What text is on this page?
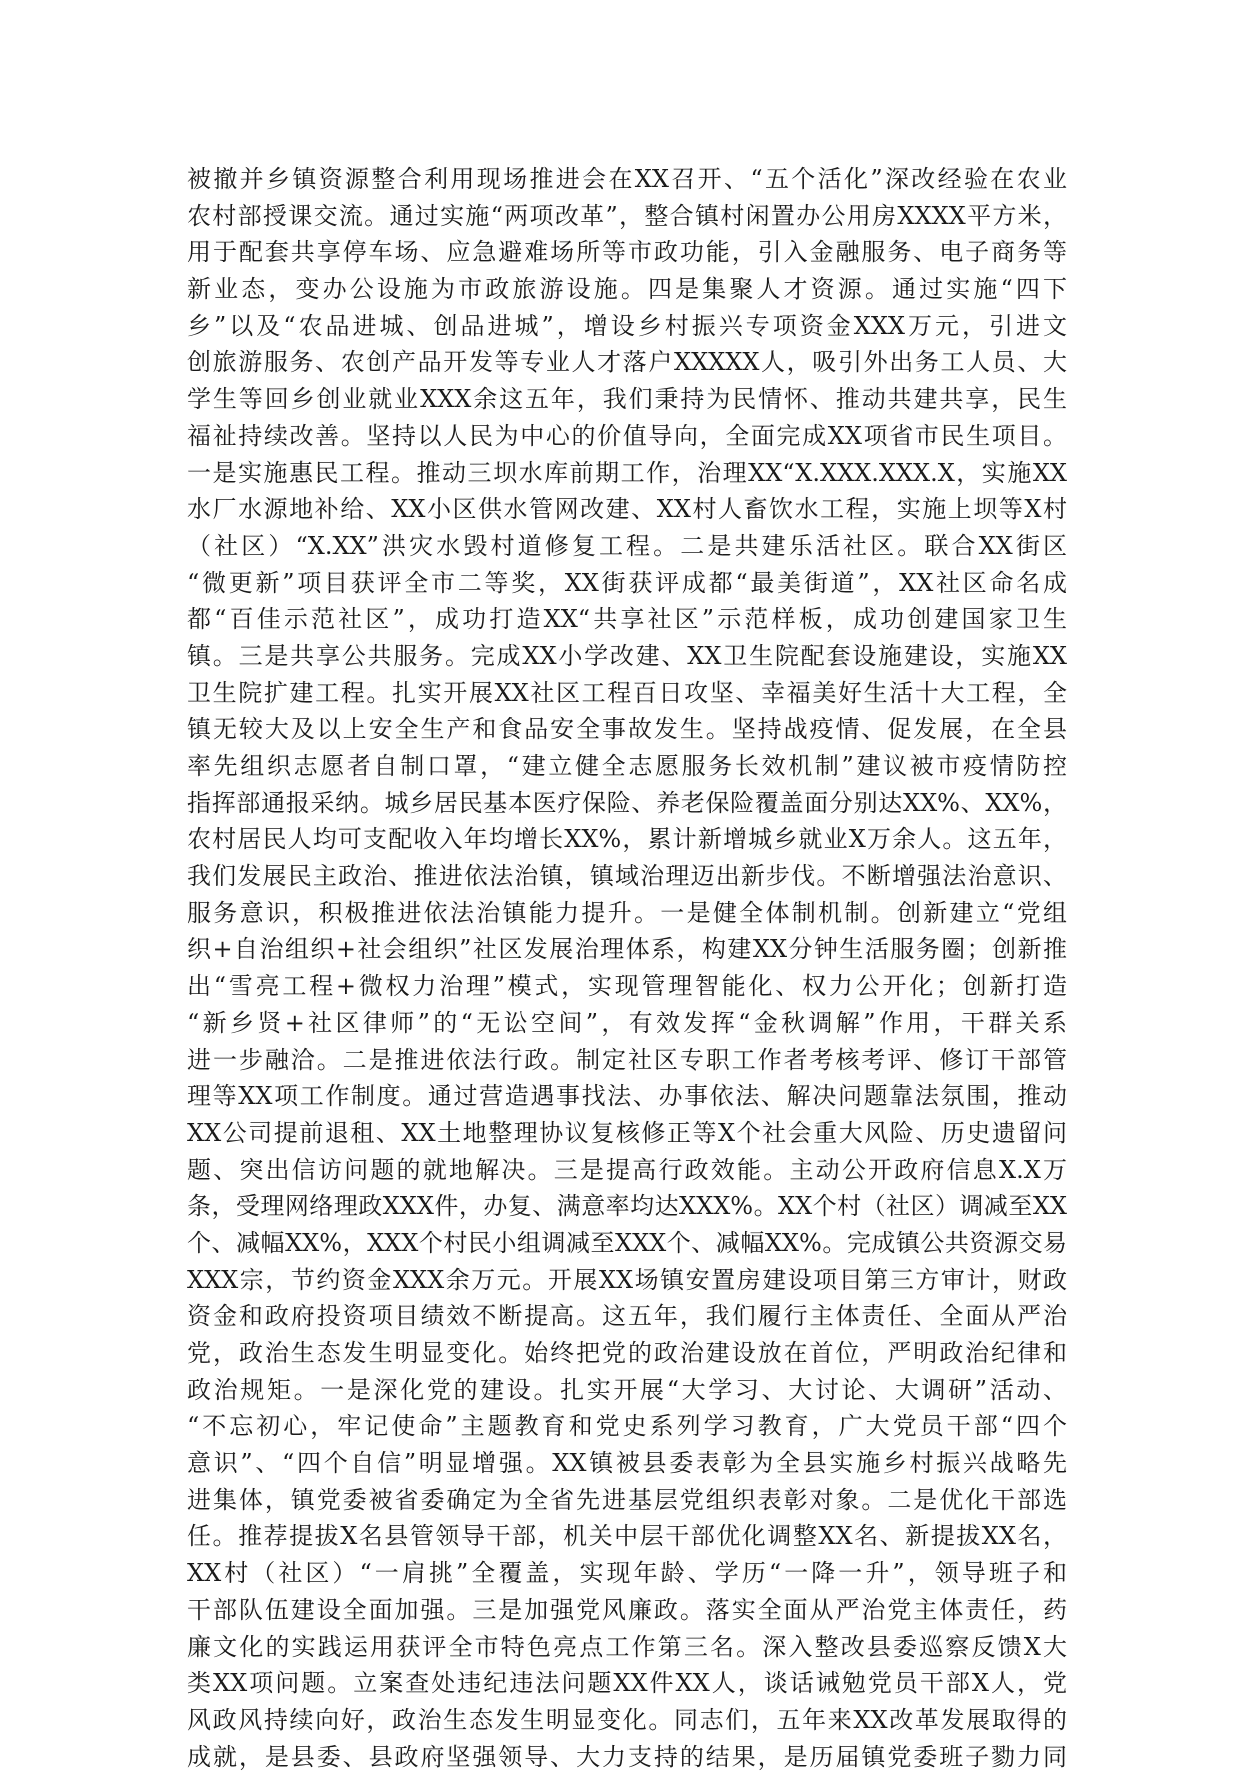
被撤并乡镇资源整合利用现场推进会在XX召开、“五个活化”深改经验在农业
农村部授课交流。通过实施“两项改革”，整合镇村闲置办公用房XXXX平方米，
用于配套共享停车场、应急避难场所等市政功能，引入金融服务、电子商务等
新业态，变办公设施为市政旅游设施。四是集聚人才资源。通过实施“四下
乡”以及“农品进城、创品进城”，增设乡村振兴专项资金XXX万元，引进文
创旅游服务、农创产品开发等专业人才落户XXXXX人，吸引外出务工人员、大
学生等回乡创业就业XXX余这五年，我们秉持为民情怀、推动共建共享，民生
福祉持续改善。坚持以人民为中心的价值导向，全面完成XX项省市民生项目。
一是实施惠民工程。推动三坝水库前期工作，治理XX“X.XXX.XXX.X，实施XX
水厂水源地补给、XX小区供水管网改建、XX村人畜饮水工程，实施上坝等X村
（社区）“X.XX”洪灾水毁村道修复工程。二是共建乐活社区。联合XX街区
“微更新”项目获评全市二等奖，XX街获评成都“最美街道”，XX社区命名成
都“百佳示范社区”，成功打造XX“共享社区”示范样板，成功创建国家卫生
镇。三是共享公共服务。完成XX小学改建、XX卫生院配套设施建设，实施XX
卫生院扩建工程。扎实开展XX社区工程百日攻坚、幸福美好生活十大工程，全
镇无较大及以上安全生产和食品安全事故发生。坚持战疫情、促发展，在全县
率先组织志愿者自制口罩，“建立健全志愿服务长效机制”建议被市疫情防控
指挥部通报采纳。城乡居民基本医疗保险、养老保险覆盖面分别达XX%、XX%，
农村居民人均可支配收入年均增长XX%，累计新增城乡就业X万余人。这五年，
我们发展民主政治、推进依法治镇，镇域治理迈出新步伐。不断增强法治意识、
服务意识，积极推进依法治镇能力提升。一是健全体制机制。创新建立“党组
织+自治组织+社会组织”社区发展治理体系，构建XX分钟生活服务圈；创新推
出“雪亮工程+微权力治理”模式，实现管理智能化、权力公开化；创新打造
“新乡贤+社区律师”的“无讼空间”，有效发挥“金秋调解”作用，干群关系
进一步融洽。二是推进依法行政。制定社区专职工作者考核考评、修订干部管
理等XX项工作制度。通过营造遇事找法、办事依法、解决问题靠法氛围，推动
XX公司提前退租、XX土地整理协议复核修正等X个社会重大风险、历史遗留问
题、突出信访问题的就地解决。三是提高行政效能。主动公开政府信息X.X万
条，受理网络理政XXX件，办复、满意率均达XXX%。XX个村（社区）调减至XX
个、减幅XX%，XXX个村民小组调减至XXX个、减幅XX%。完成镇公共资源交易
XXX宗，节约资金XXX余万元。开展XX场镇安置房建设项目第三方审计，财政
资金和政府投资项目绩效不断提高。这五年，我们履行主体责任、全面从严治
党，政治生态发生明显变化。始终把党的政治建设放在首位，严明政治纪律和
政治规矩。一是深化党的建设。扎实开展“大学习、大讨论、大调研”活动、
“不忘初心，牢记使命”主题教育和党史系列学习教育，广大党员干部“四个
意识”、“四个自信”明显增强。XX镇被县委表彰为全县实施乡村振兴战略先
进集体，镇党委被省委确定为全省先进基层党组织表彰对象。二是优化干部选
任。推荐提拔X名县管领导干部，机关中层干部优化调整XX名、新提拔XX名，
XX村（社区）“一肩挑”全覆盖，实现年龄、学历“一降一升”，领导班子和
干部队伍建设全面加强。三是加强党风廉政。落实全面从严治党主体责任，药
廉文化的实践运用获评全市特色亮点工作第三名。深入整改县委巡察反馈X大
类XX项问题。立案查处违纪违法问题XX件XX人，谈话诫勉党员干部X人，党
风政风持续向好，政治生态发生明显变化。同志们，五年来XX改革发展取得的
成就，是县委、县政府坚强领导、大力支持的结果，是历届镇党委班子勠力同
